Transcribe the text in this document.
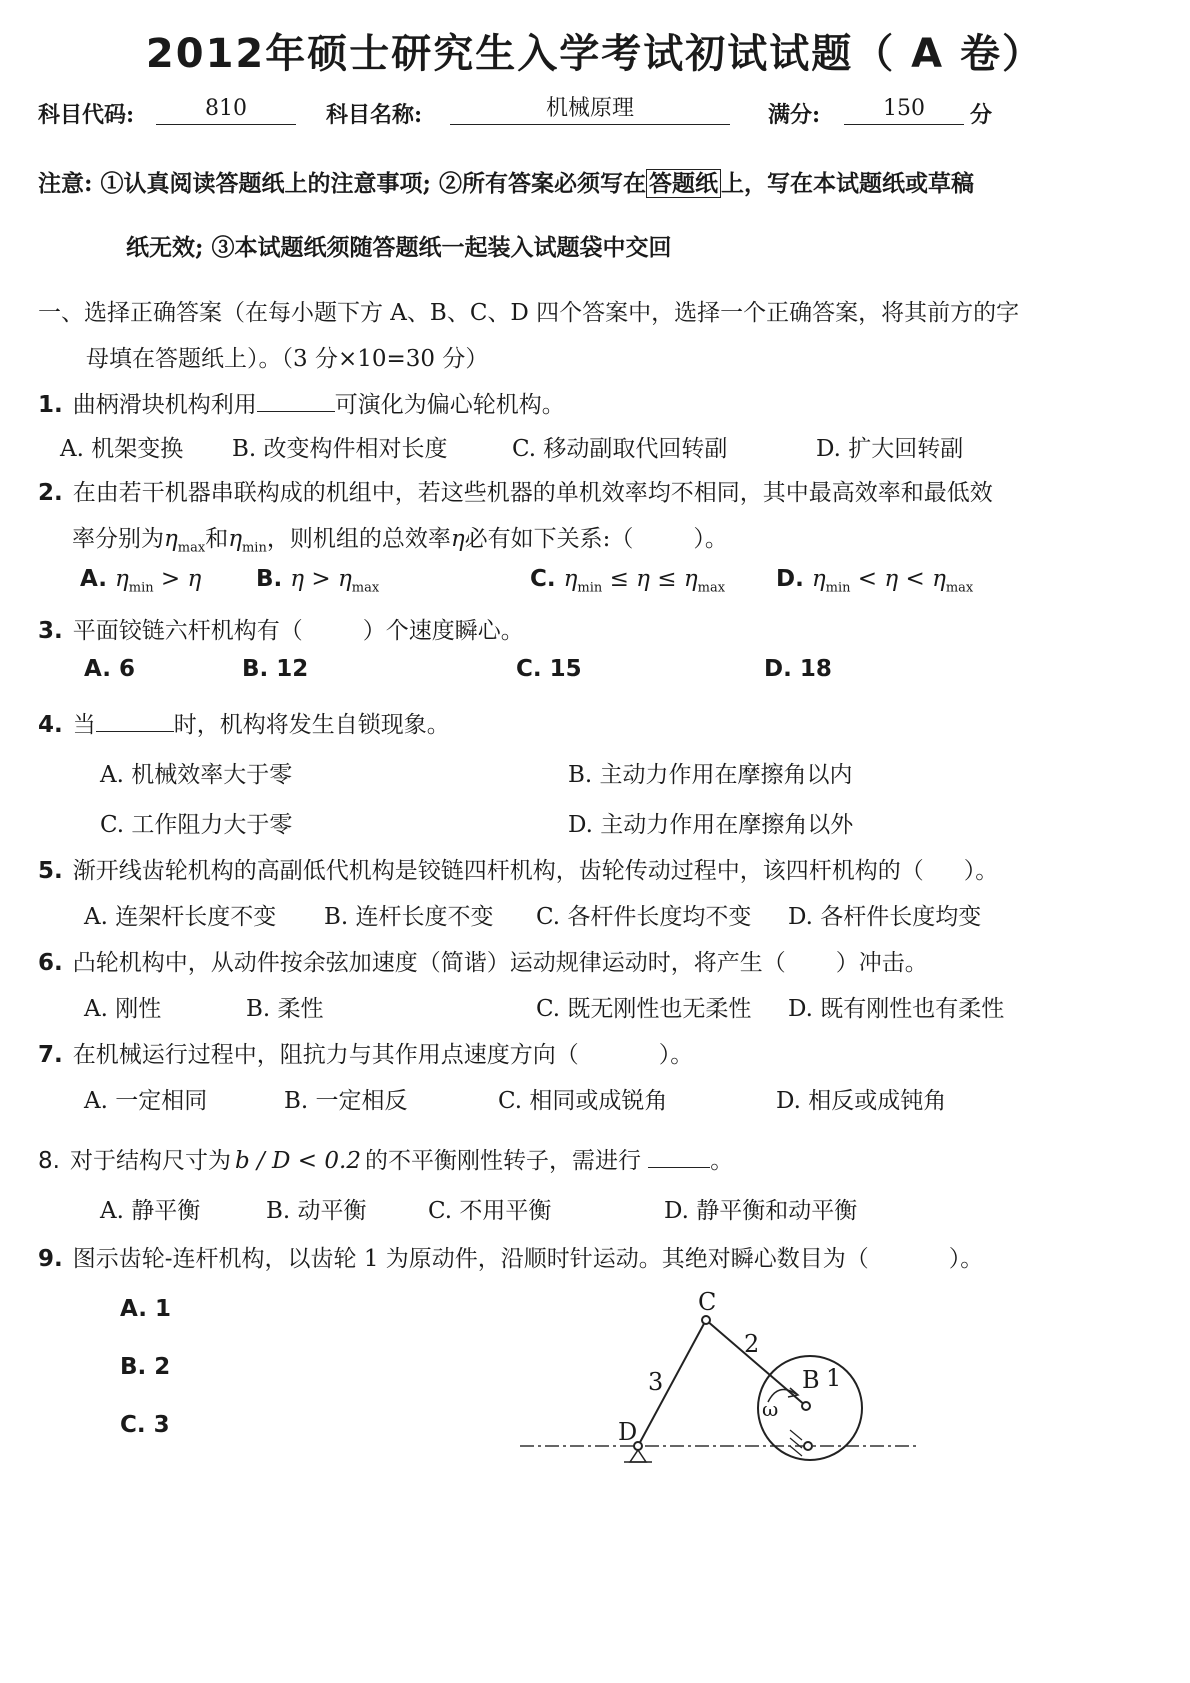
2012年硕士研究生入学考试初试试题（ A 卷）
科目代码:	810	科目名称:	机械原理	满分:	150	分
注意: ①认真阅读答题纸上的注意事项; ②所有答案必须写在 答题纸 上，写在本试题纸或草稿
纸无效; ③本试题纸须随答题纸一起装入试题袋中交回
一、选择正确答案（在每小题下方 A、B、C、D 四个答案中，选择一个正确答案，将其前方的字
母填在答题纸上）。（3 分×10=30 分）
1. 曲柄滑块机构利用	可演化为偏心轮机构。
A. 机架变换 B. 改变构件相对长度	C. 移动副取代回转副	D. 扩大回转副
2. 在由若干机器串联构成的机组中，若这些机器的单机效率均不相同，其中最高效率和最低效
率分别为$\eta_{max}$和$\eta_{min}$，则机组的总效率η必有如下关系:（	）。
A. $\eta_{min} > \eta$ B. $\eta > \eta_{max}$	C. $\eta_{min} \le \eta \le \eta_{max}$ D. $\eta_{min} < \eta < \eta_{max}$
3. 平面铰链六杆机构有（	）个速度瞬心。
A. 6	B. 12	C. 15	D. 18
4. 当	时，机构将发生自锁现象。
A. 机械效率大于零	B. 主动力作用在摩擦角以内
C. 工作阻力大于零	D. 主动力作用在摩擦角以外
5. 渐开线齿轮机构的高副低代机构是铰链四杆机构，齿轮传动过程中，该四杆机构的（ ）。
A. 连架杆长度不变 B. 连杆长度不变 C. 各杆件长度均不变 D. 各杆件长度均变
6. 凸轮机构中，从动件按余弦加速度（简谐）运动规律运动时，将产生（ ）冲击。
A. 刚性	B. 柔性	C. 既无刚性也无柔性 D. 既有刚性也有柔性
7. 在机械运行过程中，阻抗力与其作用点速度方向（	）。
A. 一定相同	B. 一定相反	C. 相同或成锐角	D. 相反或成钝角
8. 对于结构尺寸为 b / D < 0.2 的不平衡刚性转子，需进行	。
A. 静平衡	B. 动平衡	C. 不用平衡	D. 静平衡和动平衡
9. 图示齿轮-连杆机构，以齿轮 1 为原动件，沿顺时针运动。其绝对瞬心数目为（	）。
A. 1
B. 2
C. 3
C
2
3	B 1
D
ω
